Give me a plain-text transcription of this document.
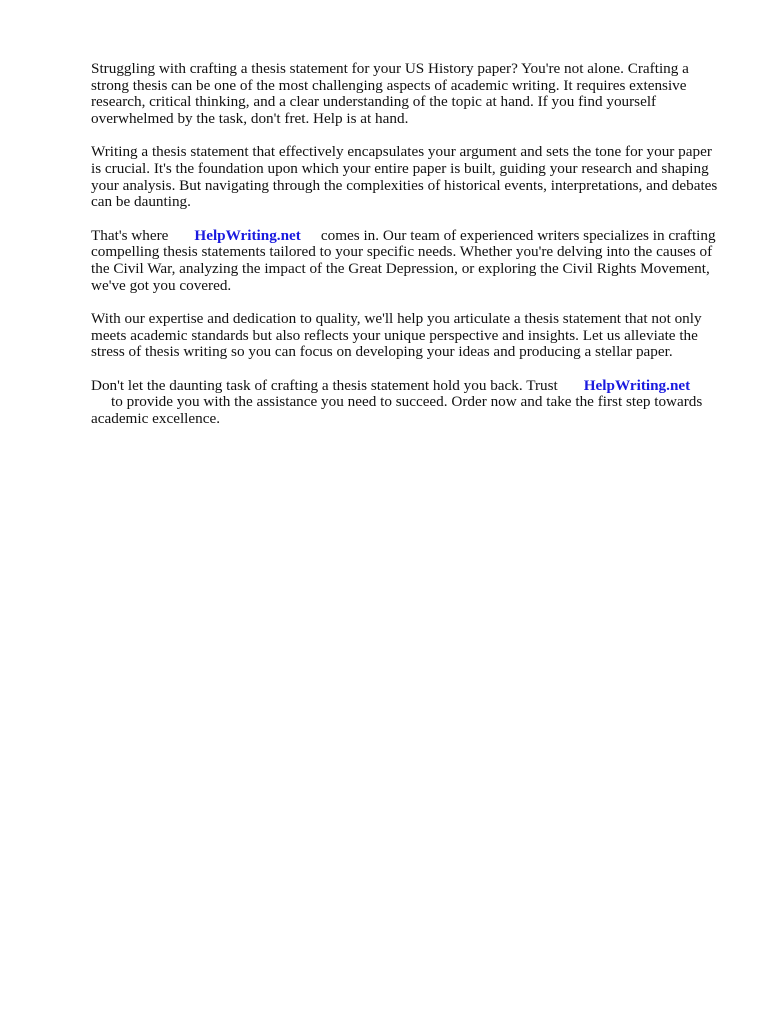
Struggling with crafting a thesis statement for your US History paper? You're not alone. Crafting a strong thesis can be one of the most challenging aspects of academic writing. It requires extensive research, critical thinking, and a clear understanding of the topic at hand. If you find yourself overwhelmed by the task, don't fret. Help is at hand.

Writing a thesis statement that effectively encapsulates your argument and sets the tone for your paper is crucial. It's the foundation upon which your entire paper is built, guiding your research and shaping your analysis. But navigating through the complexities of historical events, interpretations, and debates can be daunting.

That's where HelpWriting.net comes in. Our team of experienced writers specializes in crafting compelling thesis statements tailored to your specific needs. Whether you're delving into the causes of the Civil War, analyzing the impact of the Great Depression, or exploring the Civil Rights Movement, we've got you covered.

With our expertise and dedication to quality, we'll help you articulate a thesis statement that not only meets academic standards but also reflects your unique perspective and insights. Let us alleviate the stress of thesis writing so you can focus on developing your ideas and producing a stellar paper.

Don't let the daunting task of crafting a thesis statement hold you back. Trust HelpWriting.net
to provide you with the assistance you need to succeed. Order now and take the first step towards academic excellence.
